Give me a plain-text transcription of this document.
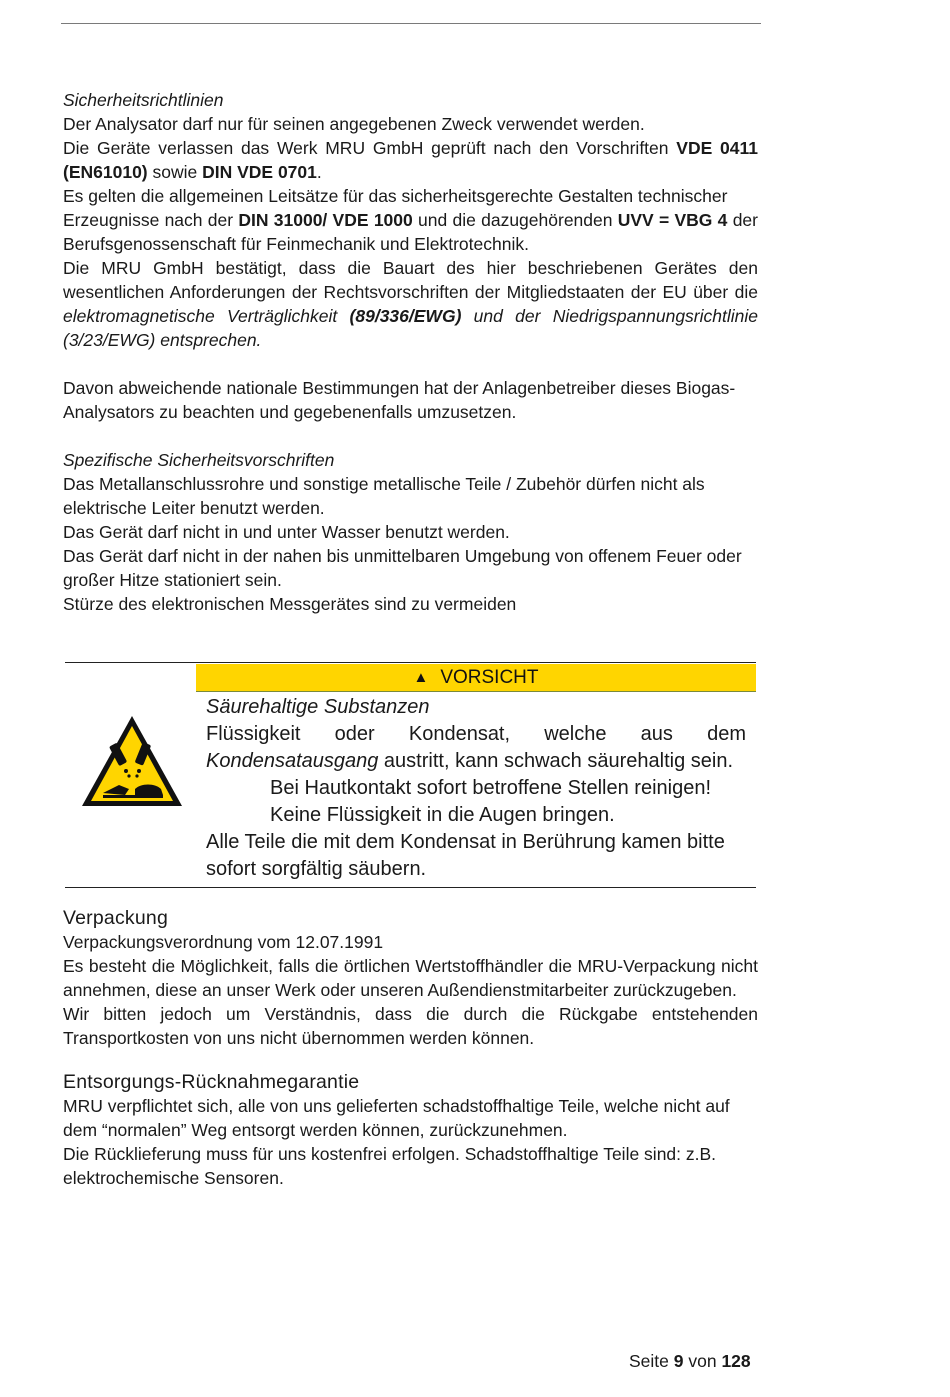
Sicherheitsrichtlinien

Der Analysator darf nur für seinen angegebenen Zweck verwendet werden.

Die Geräte verlassen das Werk MRU GmbH geprüft nach den Vorschriften VDE 0411 (EN61010) sowie DIN VDE 0701.

Es gelten die allgemeinen Leitsätze für das sicherheitsgerechte Gestalten technischer

Erzeugnisse nach der DIN 31000/ VDE 1000 und die dazugehörenden UVV = VBG 4 der Berufsgenossenschaft für Feinmechanik und Elektrotechnik.

Die MRU GmbH bestätigt, dass die Bauart des hier beschriebenen Gerätes den wesentlichen Anforderungen der Rechtsvorschriften der Mitgliedstaaten der EU über die elektromagnetische Verträglichkeit (89/336/EWG) und der Niedrigspannungsrichtlinie (3/23/EWG) entsprechen.

Davon abweichende nationale Bestimmungen hat der Anlagenbetreiber dieses Biogas-Analysators zu beachten und gegebenenfalls umzusetzen.

Spezifische Sicherheitsvorschriften

Das Metallanschlussrohre und sonstige metallische Teile / Zubehör dürfen nicht als elektrische Leiter benutzt werden.

Das Gerät darf nicht in und unter Wasser benutzt werden.

Das Gerät darf nicht in der nahen bis unmittelbaren Umgebung von offenem Feuer oder großer Hitze stationiert sein.

Stürze des elektronischen Messgerätes sind zu vermeiden

▲ VORSICHT

Säurehaltige Substanzen

Flüssigkeit oder Kondensat, welche aus dem Kondensatausgang austritt, kann schwach säurehaltig sein.

Bei Hautkontakt sofort betroffene Stellen reinigen!

Keine Flüssigkeit in die Augen bringen.

Alle Teile die mit dem Kondensat in Berührung kamen bitte sofort sorgfältig säubern.

Verpackung

Verpackungsverordnung vom 12.07.1991

Es besteht die Möglichkeit, falls die örtlichen Wertstoffhändler die MRU-Verpackung nicht annehmen, diese an unser Werk oder unseren Außendienstmitarbeiter zurückzugeben.

Wir bitten jedoch um Verständnis, dass die durch die Rückgabe entstehenden Transportkosten von uns nicht übernommen werden können.

Entsorgungs-Rücknahmegarantie

MRU verpflichtet sich, alle von uns gelieferten schadstoffhaltige Teile, welche nicht auf dem “normalen” Weg entsorgt werden können, zurückzunehmen.

Die Rücklieferung muss für uns kostenfrei erfolgen. Schadstoffhaltige Teile sind: z.B. elektrochemische Sensoren.

Seite 9 von 128
